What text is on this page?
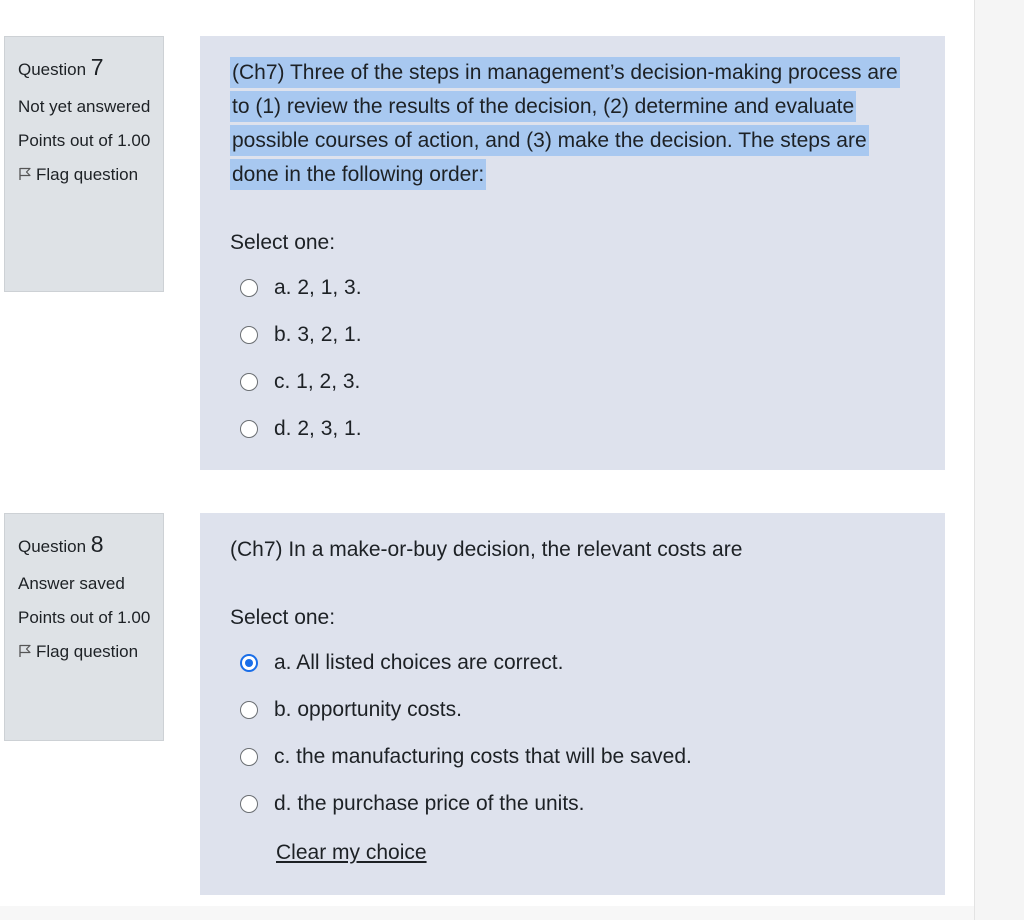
Question 7
Not yet answered
Points out of 1.00
Flag question
(Ch7) Three of the steps in management’s decision-making process are to (1) review the results of the decision, (2) determine and evaluate possible courses of action, and (3) make the decision. The steps are done in the following order:
Select one:
a. 2, 1, 3.
b. 3, 2, 1.
c. 1, 2, 3.
d. 2, 3, 1.
Question 8
Answer saved
Points out of 1.00
Flag question
(Ch7) In a make-or-buy decision, the relevant costs are
Select one:
a. All listed choices are correct.
b. opportunity costs.
c. the manufacturing costs that will be saved.
d. the purchase price of the units.
Clear my choice
